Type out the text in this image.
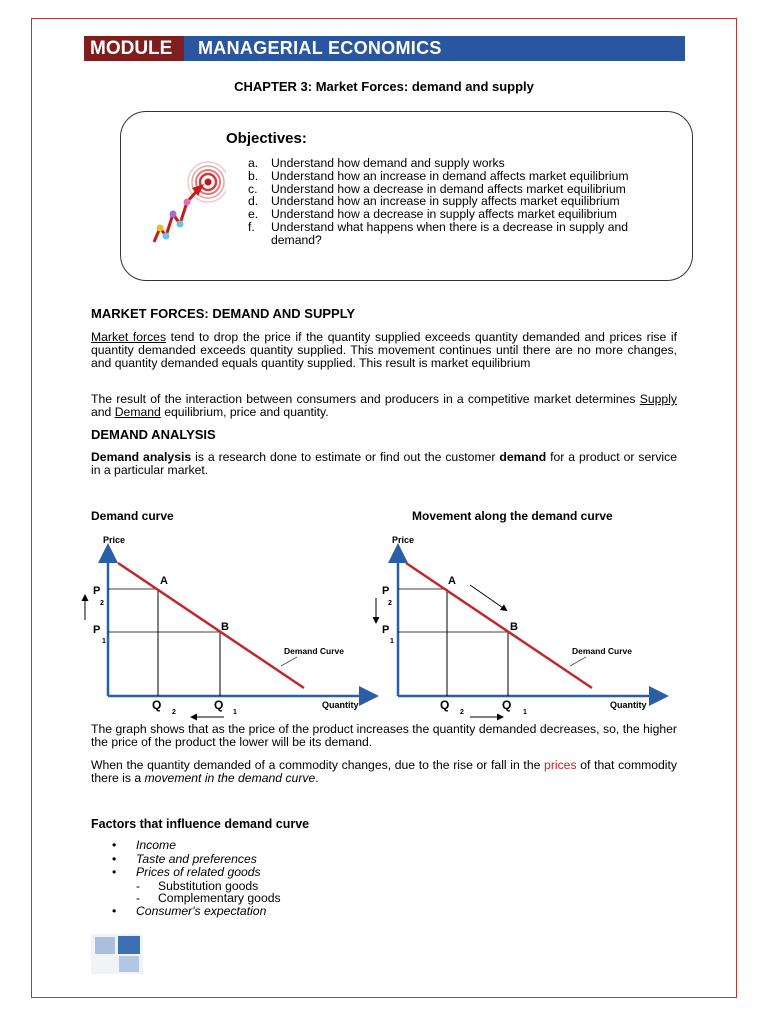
MODULE	MANAGERIAL ECONOMICS
CHAPTER 3: Market Forces: demand and supply
Objectives:
a. Understand how demand and supply works
b. Understand how an increase in demand affects market equilibrium
c. Understand how a decrease in demand affects market equilibrium
d. Understand how an increase in supply affects market equilibrium
e. Understand how a decrease in supply affects market equilibrium
f. Understand what happens when there is a decrease in supply and demand?
MARKET FORCES: DEMAND AND SUPPLY
Market forces tend to drop the price if the quantity supplied exceeds quantity demanded and prices rise if quantity demanded exceeds quantity supplied. This movement continues until there are no more changes, and quantity demanded equals quantity supplied. This result is market equilibrium
The result of the interaction between consumers and producers in a competitive market determines Supply and Demand equilibrium, price and quantity.
DEMAND ANALYSIS
Demand analysis is a research done to estimate or find out the customer demand for a product or service in a particular market.
Demand curve	Movement along the demand curve
Price
Quantity
A
B
P
2
P
1
Q
2
Q
1
Demand Curve
Price
Quantity
A
B
P
2
P
1
Q
2
Q
1
Demand Curve
The graph shows that as the price of the product increases the quantity demanded decreases, so, the higher the price of the product the lower will be its demand.
When the quantity demanded of a commodity changes, due to the rise or fall in the prices of that commodity there is a movement in the demand curve.
Factors that influence demand curve
• Income
• Taste and preferences
• Prices of related goods
- Substitution goods
- Complementary goods
• Consumer's expectation
